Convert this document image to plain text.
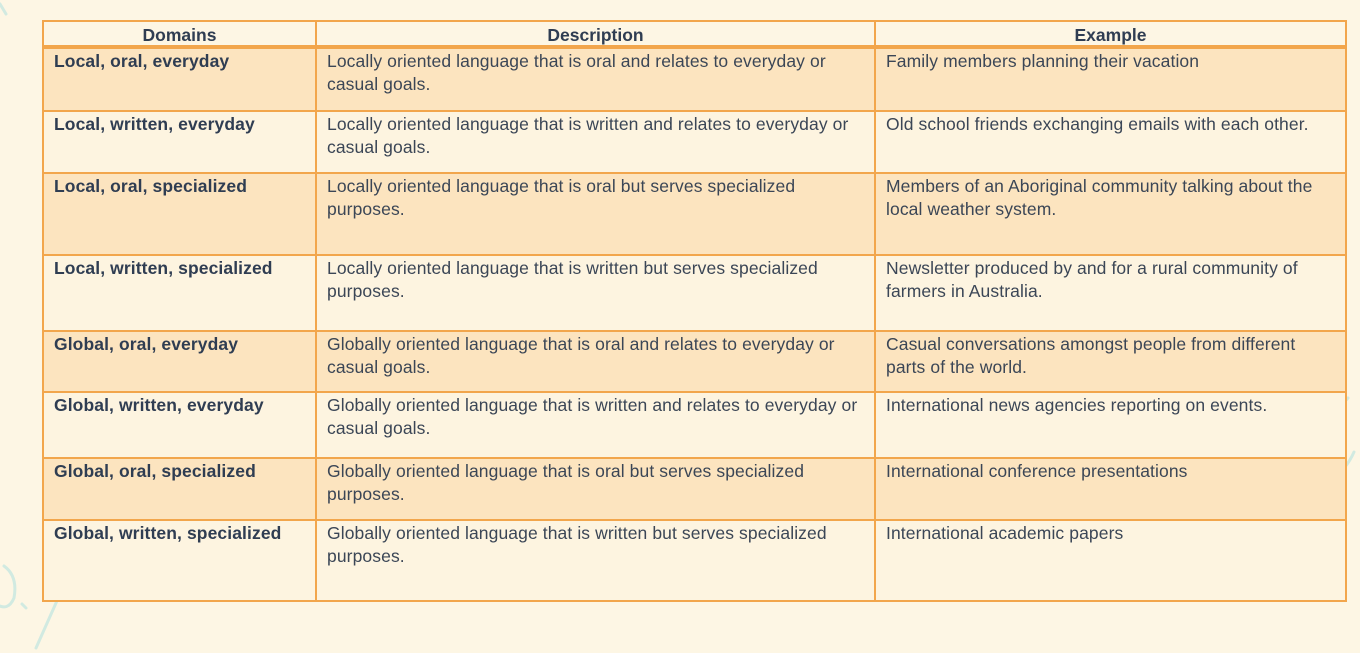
Domains	Description	Example
Local, oral, everyday	Locally oriented language that is oral and relates to everyday or casual goals.	Family members planning their vacation
Local, written, everyday	Locally oriented language that is written and relates to everyday or casual goals.	Old school friends exchanging emails with each other.
Local, oral, specialized	Locally oriented language that is oral but serves specialized purposes.	Members of an Aboriginal community talking about the local weather system.
Local, written, specialized	Locally oriented language that is written but serves specialized purposes.	Newsletter produced by and for a rural community of farmers in Australia.
Global, oral, everyday	Globally oriented language that is oral and relates to everyday or casual goals.	Casual conversations amongst people from different parts of the world.
Global, written, everyday	Globally oriented language that is written and relates to everyday or casual goals.	International news agencies reporting on events.
Global, oral, specialized	Globally oriented language that is oral but serves specialized purposes.	International conference presentations
Global, written, specialized	Globally oriented language that is written but serves specialized purposes.	International academic papers
